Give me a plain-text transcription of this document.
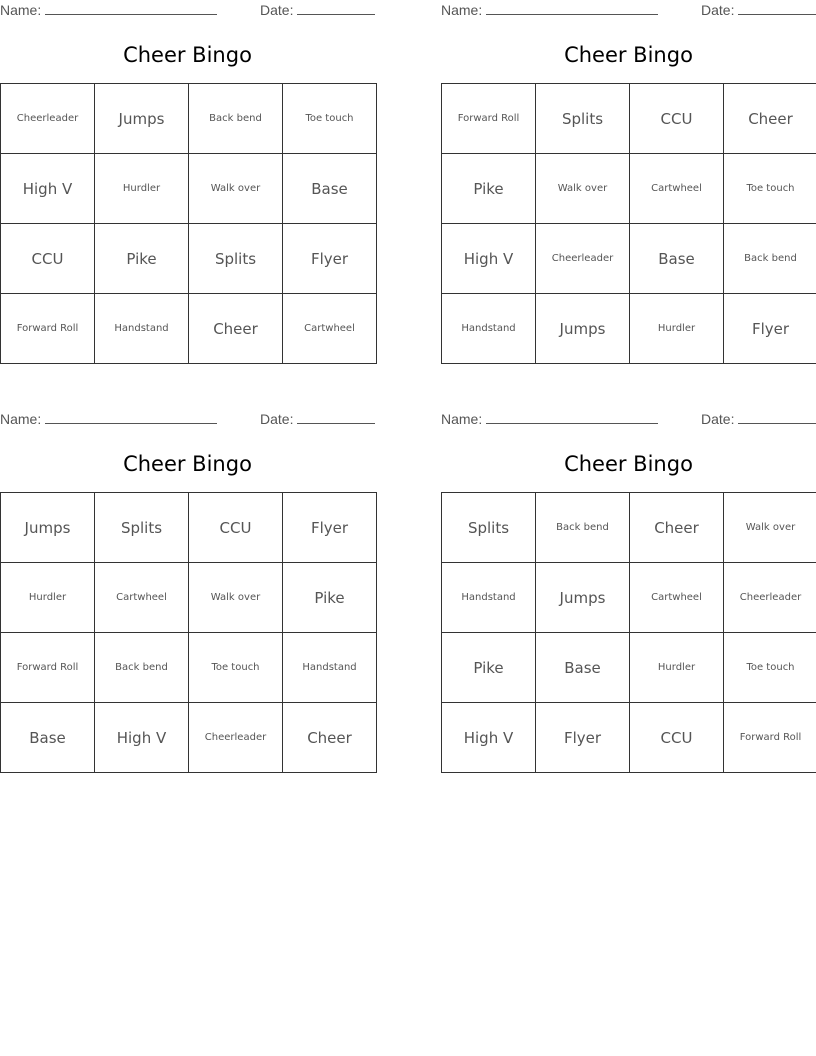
Name:	Date:
Cheer Bingo
Cheerleader	Jumps	Back bend	Toe touch
High V	Hurdler	Walk over	Base
CCU	Pike	Splits	Flyer
Forward Roll	Handstand	Cheer	Cartwheel
Name:	Date:
Cheer Bingo
Forward Roll	Splits	CCU	Cheer
Pike	Walk over	Cartwheel	Toe touch
High V	Cheerleader	Base	Back bend
Handstand	Jumps	Hurdler	Flyer
Name:	Date:
Cheer Bingo
Jumps	Splits	CCU	Flyer
Hurdler	Cartwheel	Walk over	Pike
Forward Roll	Back bend	Toe touch	Handstand
Base	High V	Cheerleader	Cheer
Name:	Date:
Cheer Bingo
Splits	Back bend	Cheer	Walk over
Handstand	Jumps	Cartwheel	Cheerleader
Pike	Base	Hurdler	Toe touch
High V	Flyer	CCU	Forward Roll
